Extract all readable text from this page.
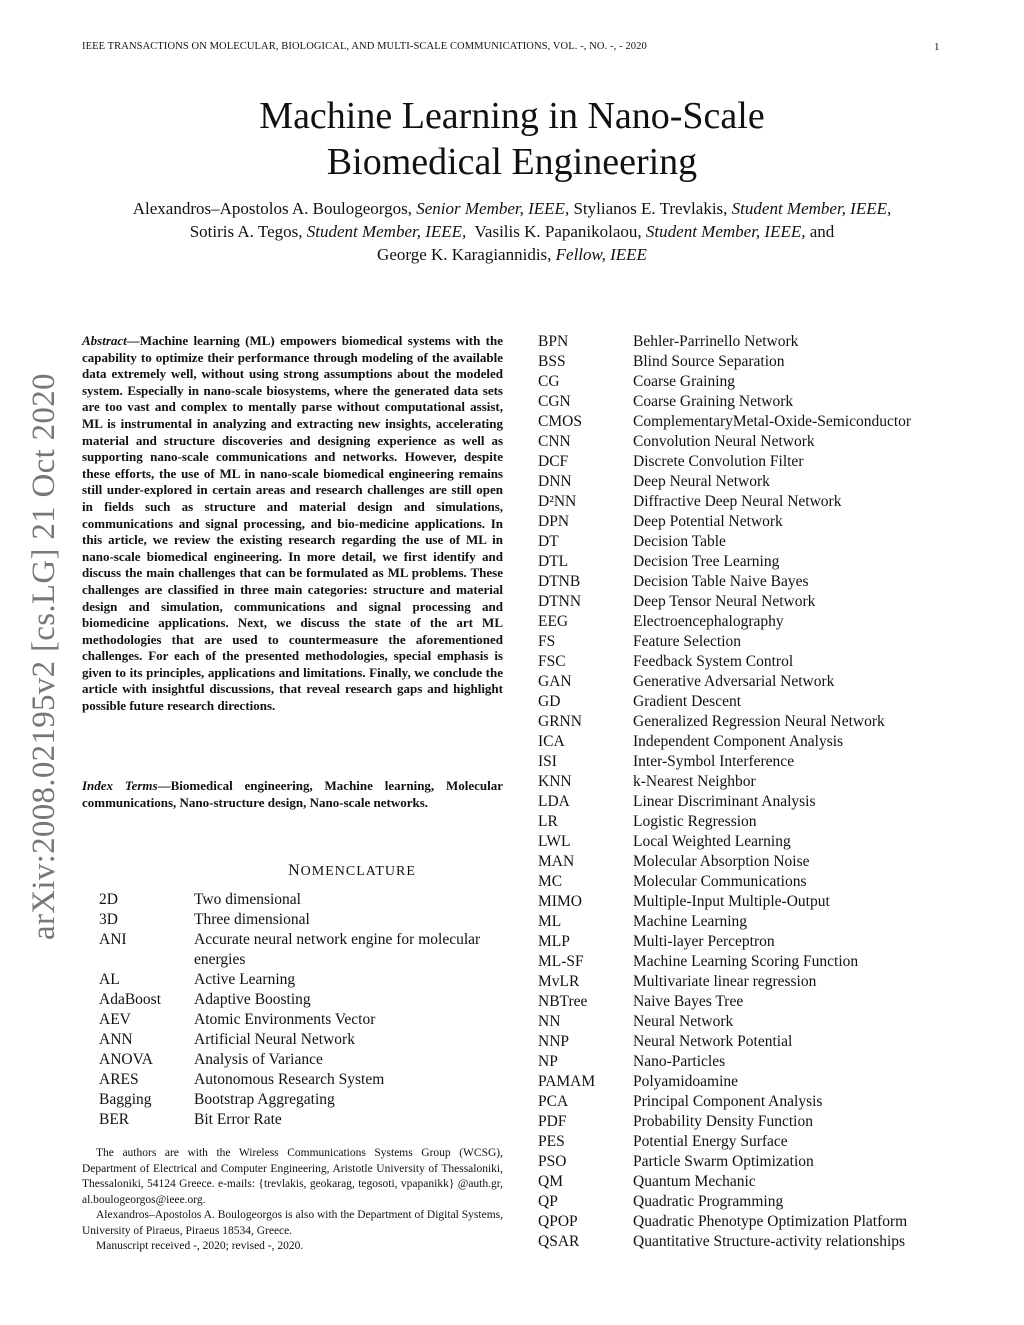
IEEE TRANSACTIONS ON MOLECULAR, BIOLOGICAL, AND MULTI-SCALE COMMUNICATIONS, VOL. -, NO. -, - 2020	1
Machine Learning in Nano-Scale
Biomedical Engineering
Alexandros–Apostolos A. Boulogeorgos, Senior Member, IEEE, Stylianos E. Trevlakis, Student Member, IEEE,
Sotiris A. Tegos, Student Member, IEEE, Vasilis K. Papanikolaou, Student Member, IEEE, and
George K. Karagiannidis, Fellow, IEEE
arXiv:2008.02195v2 [cs.LG] 21 Oct 2020
Abstract—Machine learning (ML) empowers biomedical systems with the capability to optimize their performance through modeling of the available data extremely well, without using strong assumptions about the modeled system. Especially in nano-scale biosystems, where the generated data sets are too vast and complex to mentally parse without computational assist, ML is instrumental in analyzing and extracting new insights, accelerating material and structure discoveries and designing experience as well as supporting nano-scale communications and networks. However, despite these efforts, the use of ML in nano-scale biomedical engineering remains still under-explored in certain areas and research challenges are still open in fields such as structure and material design and simulations, communications and signal processing, and bio-medicine applications. In this article, we review the existing research regarding the use of ML in nano-scale biomedical engineering. In more detail, we first identify and discuss the main challenges that can be formulated as ML problems. These challenges are classified in three main categories: structure and material design and simulation, communications and signal processing and biomedicine applications. Next, we discuss the state of the art ML methodologies that are used to countermeasure the aforementioned challenges. For each of the presented methodologies, special emphasis is given to its principles, applications and limitations. Finally, we conclude the article with insightful discussions, that reveal research gaps and highlight possible future research directions.
Index Terms—Biomedical engineering, Machine learning, Molecular communications, Nano-structure design, Nano-scale networks.
NOMENCLATURE
2D	Two dimensional
3D	Three dimensional
ANI	Accurate neural network engine for molecular energies
AL	Active Learning
AdaBoost	Adaptive Boosting
AEV	Atomic Environments Vector
ANN	Artificial Neural Network
ANOVA	Analysis of Variance
ARES	Autonomous Research System
Bagging	Bootstrap Aggregating
BER	Bit Error Rate
BPN	Behler-Parrinello Network
BSS	Blind Source Separation
CG	Coarse Graining
CGN	Coarse Graining Network
CMOS	ComplementaryMetal-Oxide-Semiconductor
CNN	Convolution Neural Network
DCF	Discrete Convolution Filter
DNN	Deep Neural Network
D²NN	Diffractive Deep Neural Network
DPN	Deep Potential Network
DT	Decision Table
DTL	Decision Tree Learning
DTNB	Decision Table Naive Bayes
DTNN	Deep Tensor Neural Network
EEG	Electroencephalography
FS	Feature Selection
FSC	Feedback System Control
GAN	Generative Adversarial Network
GD	Gradient Descent
GRNN	Generalized Regression Neural Network
ICA	Independent Component Analysis
ISI	Inter-Symbol Interference
KNN	k-Nearest Neighbor
LDA	Linear Discriminant Analysis
LR	Logistic Regression
LWL	Local Weighted Learning
MAN	Molecular Absorption Noise
MC	Molecular Communications
MIMO	Multiple-Input Multiple-Output
ML	Machine Learning
MLP	Multi-layer Perceptron
ML-SF	Machine Learning Scoring Function
MvLR	Multivariate linear regression
NBTree	Naive Bayes Tree
NN	Neural Network
NNP	Neural Network Potential
NP	Nano-Particles
PAMAM	Polyamidoamine
PCA	Principal Component Analysis
PDF	Probability Density Function
PES	Potential Energy Surface
PSO	Particle Swarm Optimization
QM	Quantum Mechanic
QP	Quadratic Programming
QPOP	Quadratic Phenotype Optimization Platform
QSAR	Quantitative Structure-activity relationships

The authors are with the Wireless Communications Systems Group (WCSG), Department of Electrical and Computer Engineering, Aristotle University of Thessaloniki, Thessaloniki, 54124 Greece. e-mails: {trevlakis, geokarag, tegosoti, vpapanikk} @auth.gr, al.boulogeorgos@ieee.org.

Alexandros–Apostolos A. Boulogeorgos is also with the Department of Digital Systems, University of Piraeus, Piraeus 18534, Greece.

Manuscript received -, 2020; revised -, 2020.
